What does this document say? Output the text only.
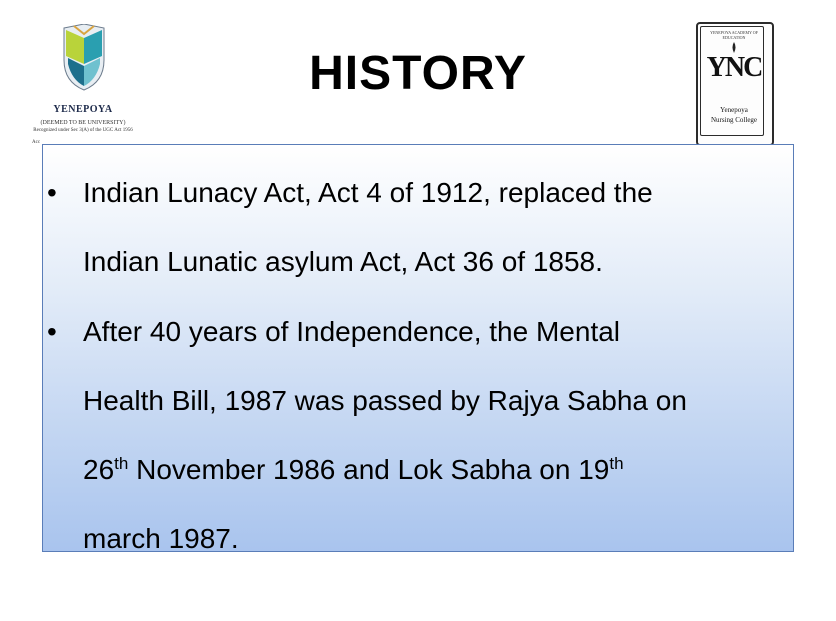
YENEPOYA
(DEEMED TO BE UNIVERSITY)
Recognized under Sec 3(A) of the UGC Act 1956
Acc
HISTORY
YENEPOYA ACADEMY OF EDUCATION
YNC
Yenepoya
Nursing College
• Indian Lunacy Act, Act 4 of 1912, replaced the
Indian Lunatic asylum Act, Act 36 of 1858.
• After 40 years of Independence, the Mental
Health Bill, 1987 was passed by Rajya Sabha on
26th November 1986 and Lok Sabha on 19th
march 1987.
